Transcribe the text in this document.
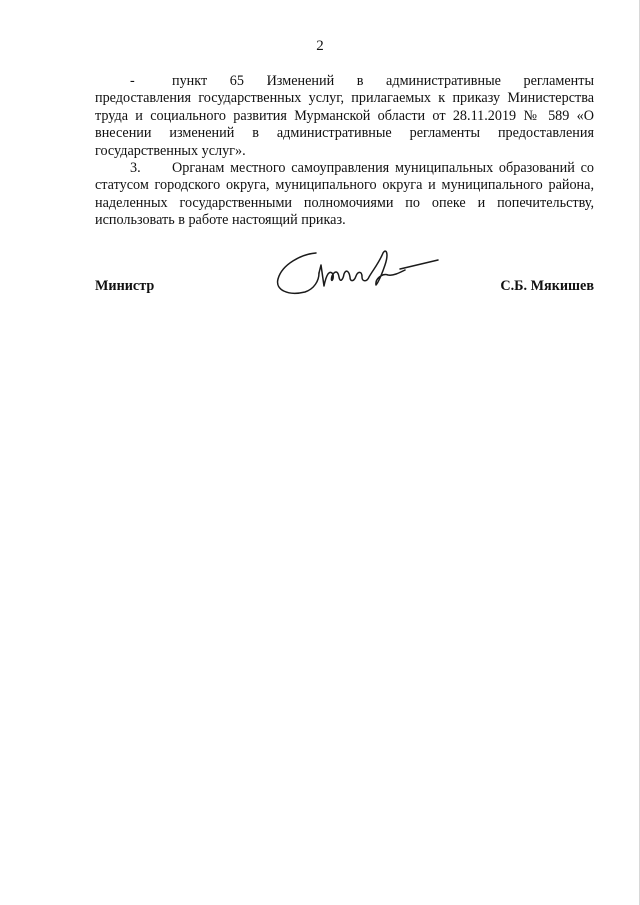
2

-	пункт 65 Изменений в административные регламенты предоставления государственных услуг, прилагаемых к приказу Министерства труда и социального развития Мурманской области от 28.11.2019 № 589 «О внесении изменений в административные регламенты предоставления государственных услуг».

3. Органам местного самоуправления муниципальных образований со статусом городского округа, муниципального округа и муниципального района, наделенных государственными полномочиями по опеке и попечительству, использовать в работе настоящий приказ.

Министр	С.Б. Мякишев
